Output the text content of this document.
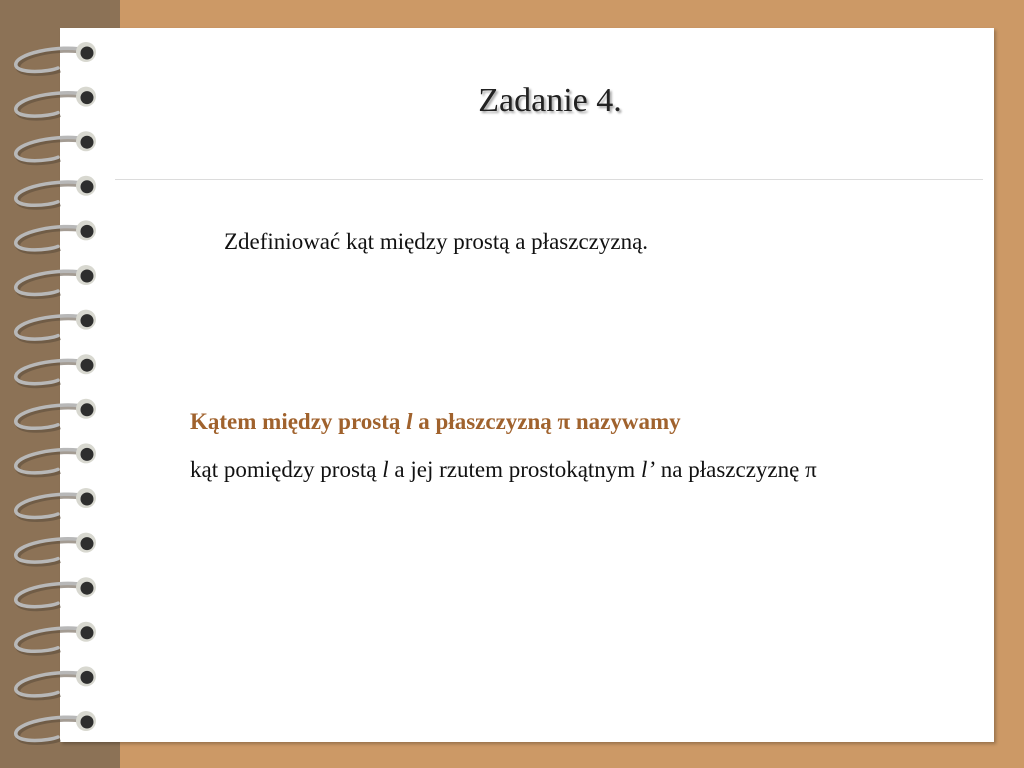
Zadanie 4.

Zdefiniować kąt między prostą a płaszczyzną.

Kątem między prostą l a płaszczyzną π nazywamy

kąt pomiędzy prostą l a jej rzutem prostokątnym l’ na płaszczyznę π
